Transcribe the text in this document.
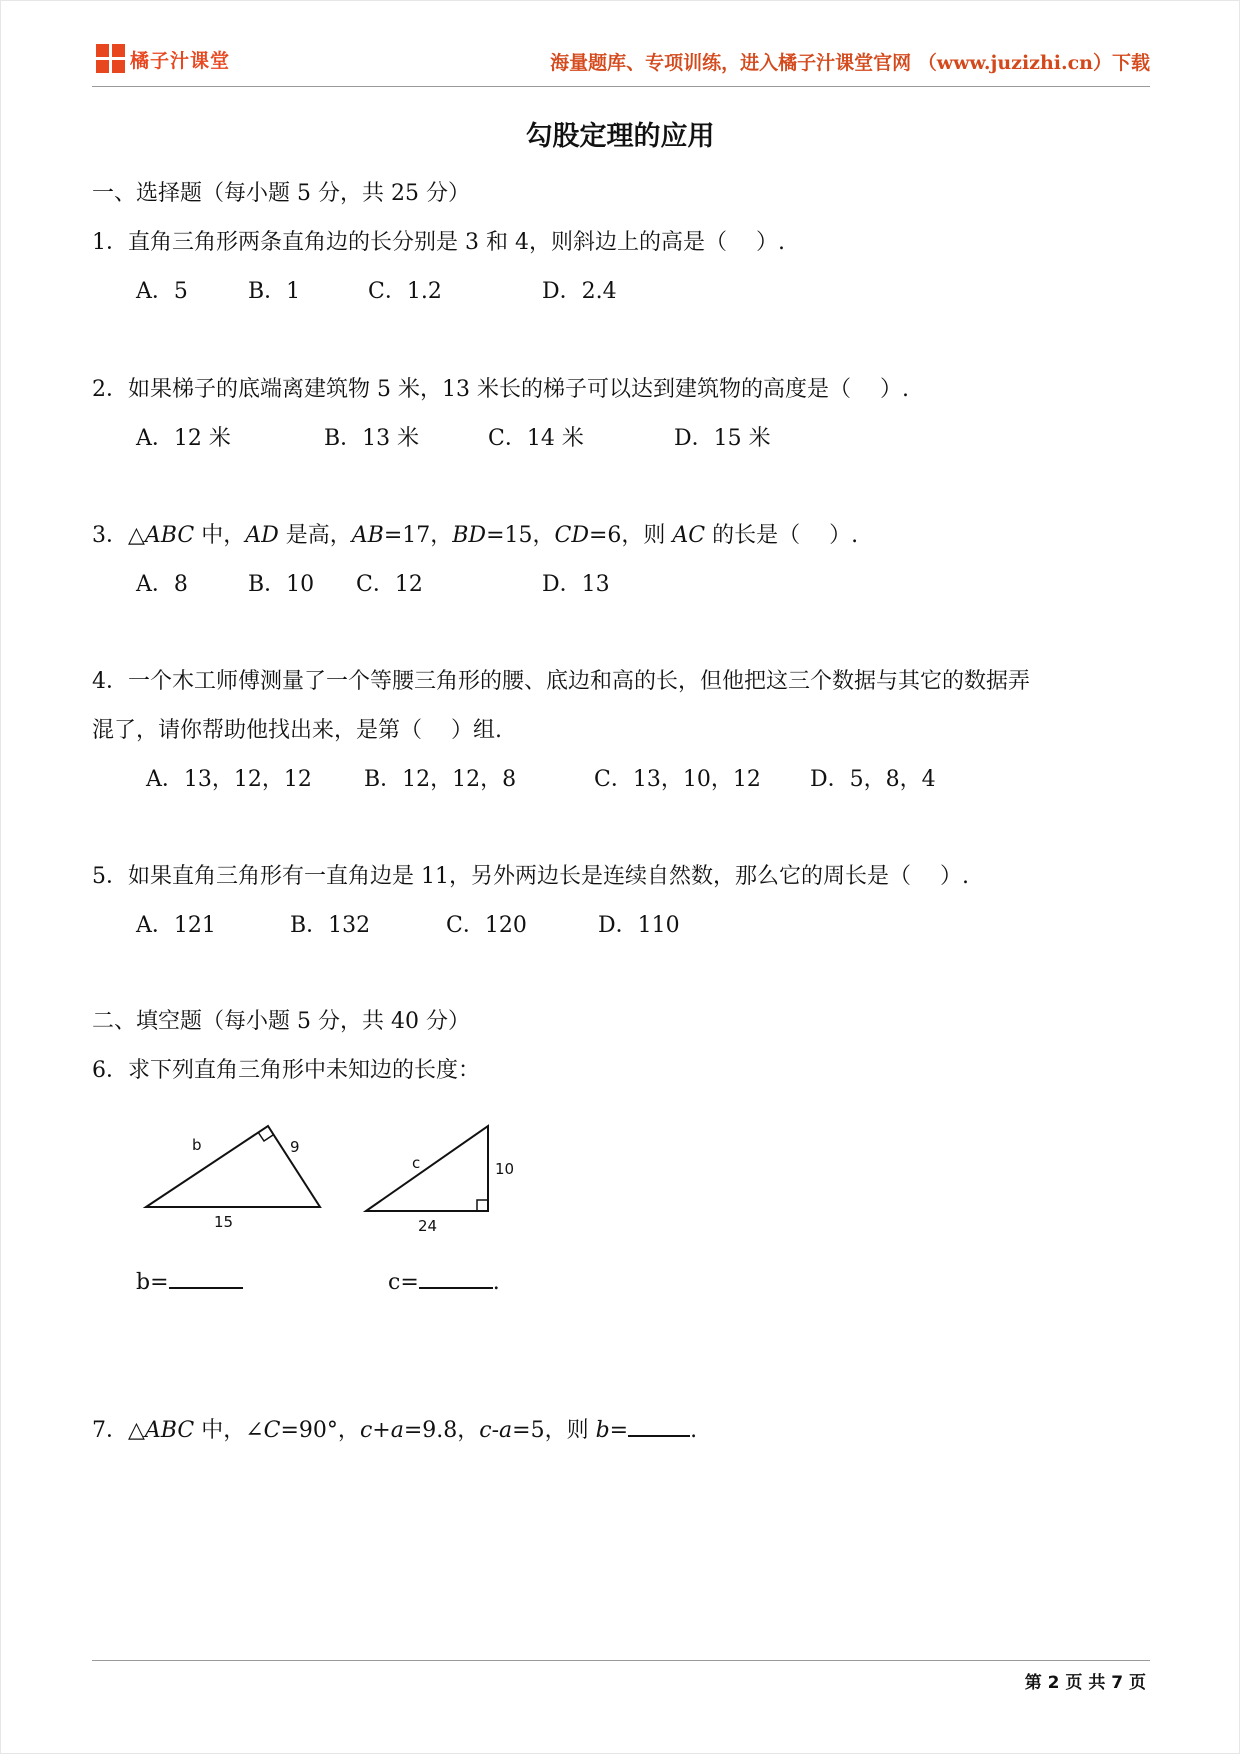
橘子汁课堂	海量题库、专项训练，进入橘子汁课堂官网 （www.juzizhi.cn）下载
勾股定理的应用
一、选择题（每小题 5 分，共 25 分）
1．直角三角形两条直角边的长分别是 3 和 4，则斜边上的高是（　 ）.
A．5	B．1	C．1.2	D．2.4
2．如果梯子的底端离建筑物 5 米，13 米长的梯子可以达到建筑物的高度是（　 ）.
A．12 米	B．13 米	C．14 米	D．15 米
3．△ABC 中，AD 是高，AB=17，BD=15，CD=6，则 AC 的长是（　 ）.
A．8	B．10 C．12	D．13
4．一个木工师傅测量了一个等腰三角形的腰、底边和高的长，但他把这三个数据与其它的数据弄
混了，请你帮助他找出来，是第（　 ）组.
A．13，12，12 B．12，12，8	C．13，10，12 D．5，8，4
5．如果直角三角形有一直角边是 11，另外两边长是连续自然数，那么它的周长是（　 ）.
A．121	B．132	C．120	D．110
二、填空题（每小题 5 分，共 40 分）
6．求下列直角三角形中未知边的长度：
b	9
15
c	10
24
b=	c=	.
7．△ABC 中，∠C=90°，c+a=9.8，c-a=5，则 b=	.
第 2 页 共 7 页
